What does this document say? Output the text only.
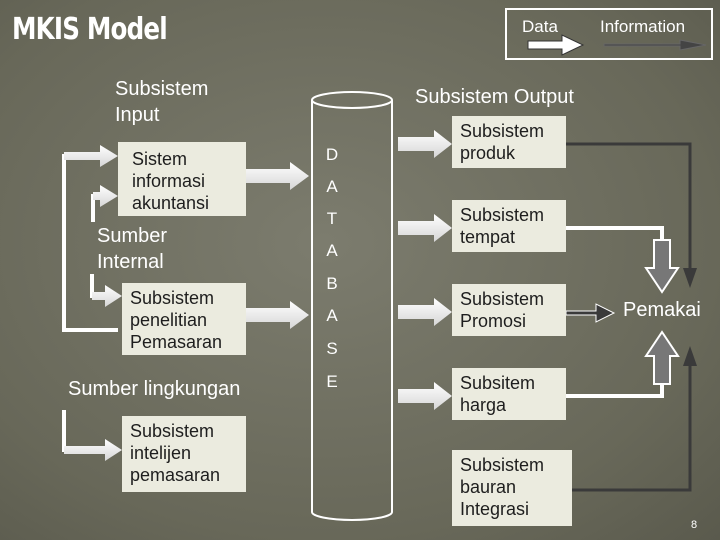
MKIS Model	Data Information
Subsistem
Input
Subsistem Output
Sumber
Internal
Sumber lingkungan
Sistem
informasi
akuntansi
Subsistem
penelitian
Pemasaran
Subsistem
intelijen
pemasaran
D
A
T
A
B
A
S
E
Subsistem
produk
Subsistem
tempat
Subsistem
Promosi
Subsitem
harga
Subsistem
bauran
Integrasi
Pemakai
8
